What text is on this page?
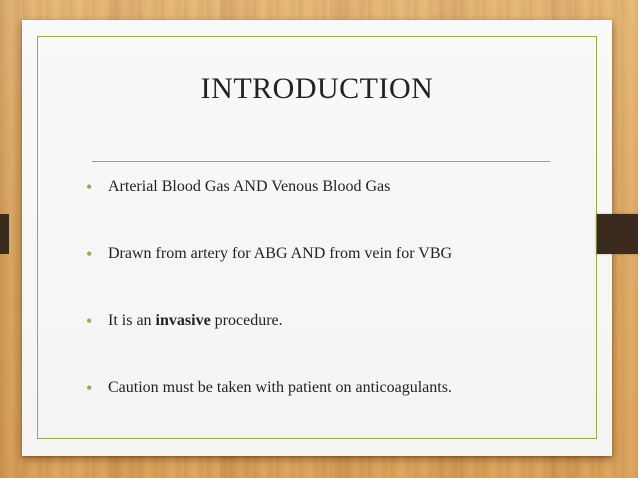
INTRODUCTION
• Arterial Blood Gas AND Venous Blood Gas
• Drawn from artery for ABG AND from vein for VBG
• It is an invasive procedure.
• Caution must be taken with patient on anticoagulants.
